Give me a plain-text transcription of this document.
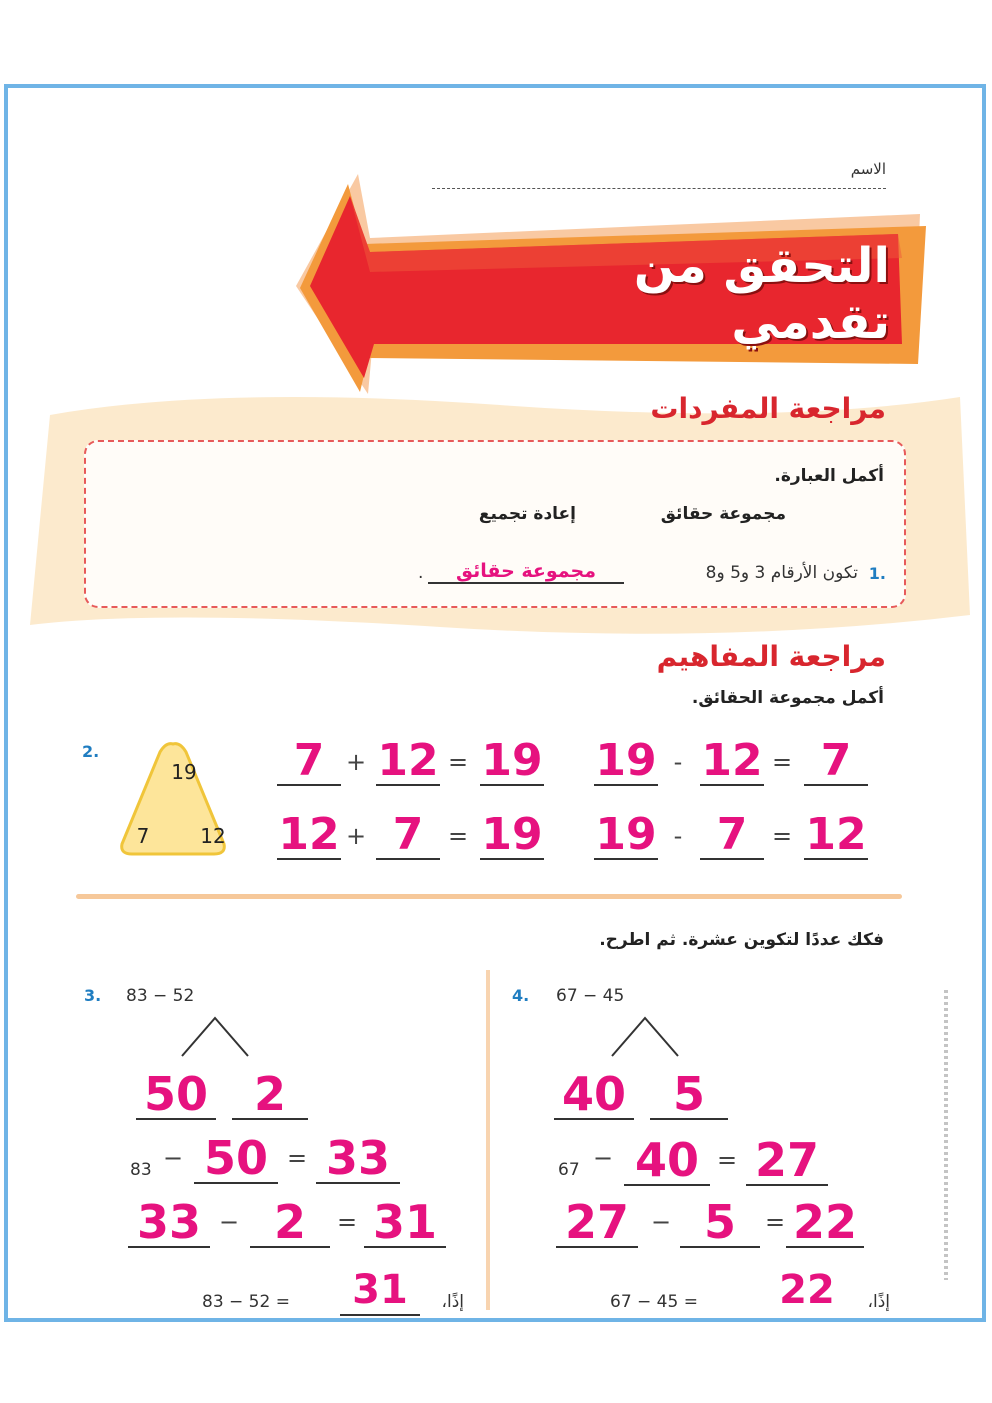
الاسم
التحقق من تقدمي
مراجعة المفردات
أكمل العبارة.
مجموعة حقائق
إعادة تجميع
1.
تكون الأرقام 3 و5 و8
مجموعة حقائق
.
مراجعة المفاهيم
أكمل مجموعة الحقائق.
2.
19
7	12
7 + 12 = 19 19 - 12 = 7
12 + 7	= 19 19 - 7	= 12
فكك عددًا لتكوين عشرة. ثم اطرح.
3. 83 − 52
50 2
83 − 50 = 33
33 − 2	= 31
83 − 52 =	31	إذًا،
4. 67 − 45
40	5
67 − 40 = 27
27 − 5	= 22
67 − 45 =	22	إذًا،
